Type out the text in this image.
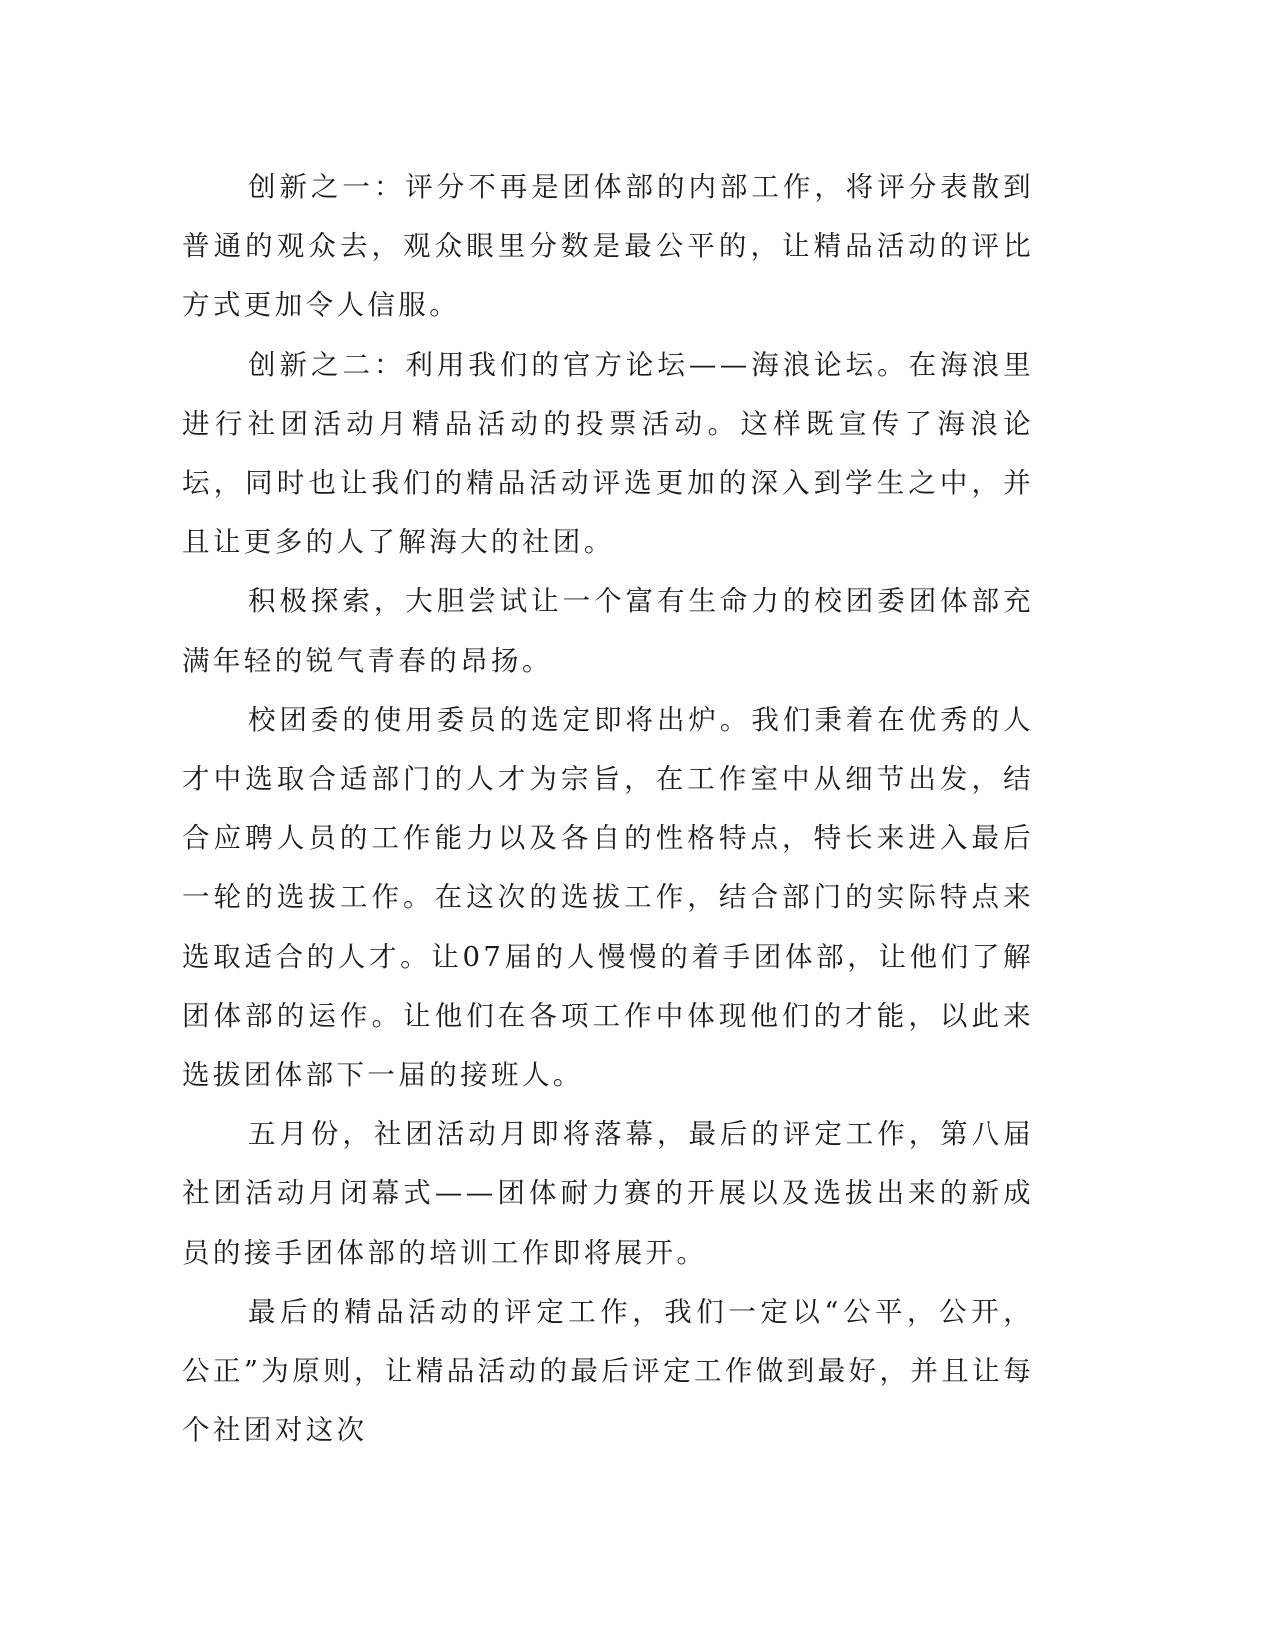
创新之一：评分不再是团体部的内部工作，将评分表散到普通的观众去，观众眼里分数是最公平的，让精品活动的评比方式更加令人信服。

创新之二：利用我们的官方论坛——海浪论坛。在海浪里进行社团活动月精品活动的投票活动。这样既宣传了海浪论坛，同时也让我们的精品活动评选更加的深入到学生之中，并且让更多的人了解海大的社团。

积极探索，大胆尝试让一个富有生命力的校团委团体部充满年轻的锐气青春的昂扬。

校团委的使用委员的选定即将出炉。我们秉着在优秀的人才中选取合适部门的人才为宗旨，在工作室中从细节出发，结合应聘人员的工作能力以及各自的性格特点，特长来进入最后一轮的选拔工作。在这次的选拔工作，结合部门的实际特点来选取适合的人才。让07届的人慢慢的着手团体部，让他们了解团体部的运作。让他们在各项工作中体现他们的才能，以此来选拔团体部下一届的接班人。

五月份，社团活动月即将落幕，最后的评定工作，第八届社团活动月闭幕式——团体耐力赛的开展以及选拔出来的新成员的接手团体部的培训工作即将展开。

最后的精品活动的评定工作，我们一定以“公平，公开，公正”为原则，让精品活动的最后评定工作做到最好，并且让每个社团对这次
